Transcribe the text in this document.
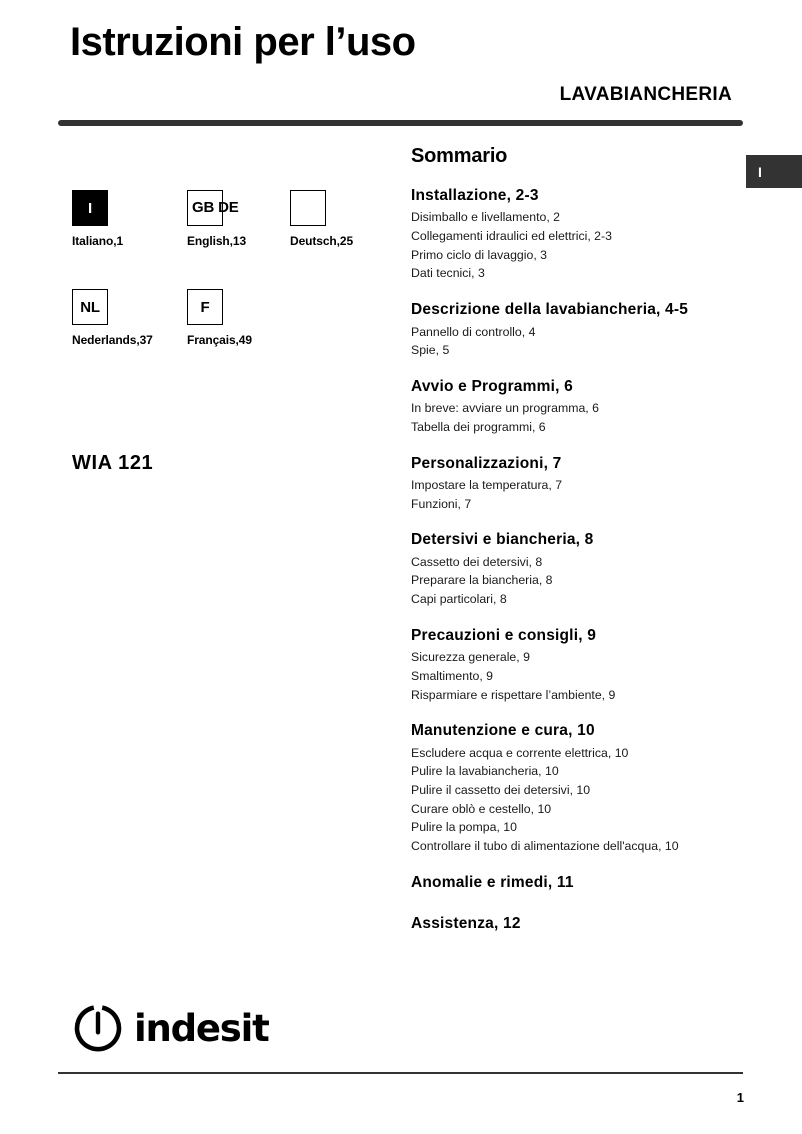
Istruzioni per l’uso
LAVABIANCHERIA
I
I
Italiano,1
GB DE
English,13	Deutsch,25
NL
Nederlands,37
F
Français,49
WIA 121
Sommario
Installazione, 2-3
Disimballo e livellamento, 2
Collegamenti idraulici ed elettrici, 2-3
Primo ciclo di lavaggio, 3
Dati tecnici, 3
Descrizione della lavabiancheria, 4-5
Pannello di controllo, 4
Spie, 5
Avvio e Programmi, 6
In breve: avviare un programma, 6
Tabella dei programmi, 6
Personalizzazioni, 7
Impostare la temperatura, 7
Funzioni, 7
Detersivi e biancheria, 8
Cassetto dei detersivi, 8
Preparare la biancheria, 8
Capi particolari, 8
Precauzioni e consigli, 9
Sicurezza generale, 9
Smaltimento, 9
Risparmiare e rispettare l’ambiente, 9
Manutenzione e cura, 10
Escludere acqua e corrente elettrica, 10
Pulire la lavabiancheria, 10
Pulire il cassetto dei detersivi, 10
Curare oblò e cestello, 10
Pulire la pompa, 10
Controllare il tubo di alimentazione dell'acqua, 10
Anomalie e rimedi, 11
Assistenza, 12
indesit
1
